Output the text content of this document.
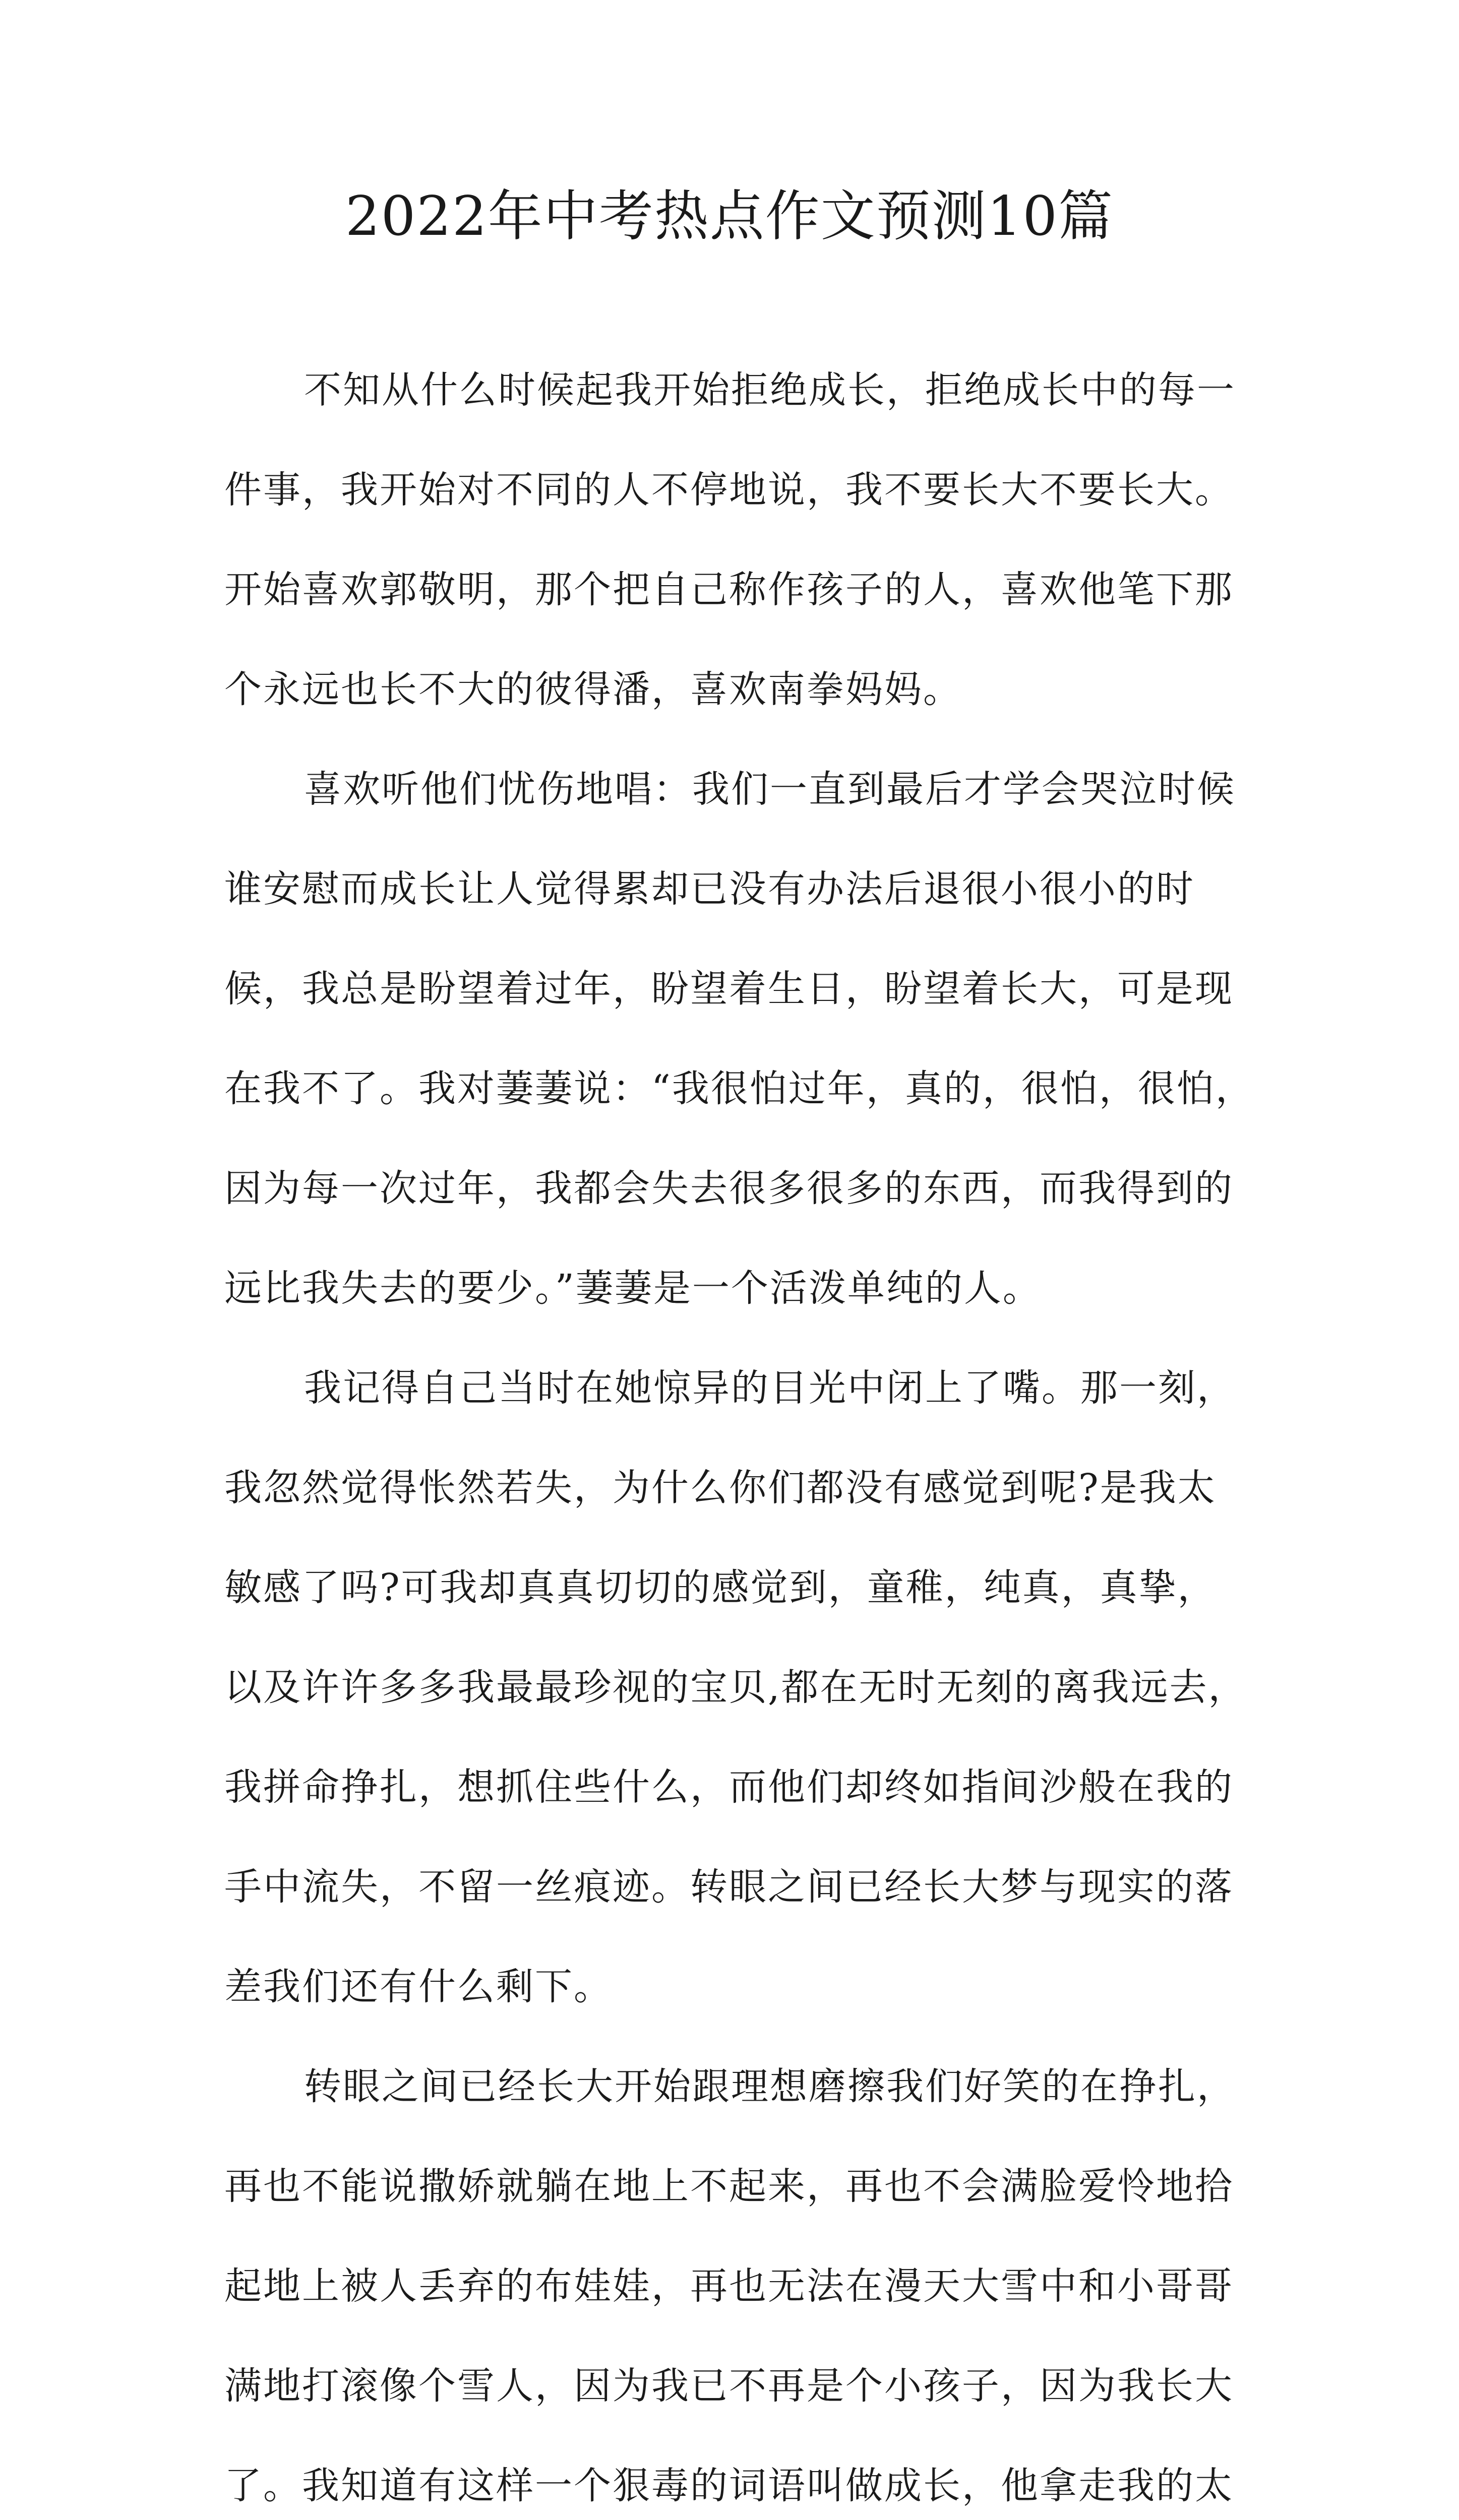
2022年中考热点作文预测10篇
不知从什么时候起我开始拒绝成长，拒绝成长中的每一
件事，我开始对不同的人不停地说，我不要长大不要长大。
开始喜欢郭敬明，那个把自己称作孩子的人，喜欢他笔下那
个永远也长不大的彼得潘，喜欢南拳妈妈。
喜欢听他们忧伤地唱：我们一直到最后才学会哭泣时候
谁安慰而成长让人觉得累却已没有办法后退很小很小的时
候，我总是盼望着过年，盼望着生日，盼望着长大，可是现
在我不了。我对萋萋说：“我很怕过年，真的，很怕，很怕，
因为每一次过年，我都会失去很多很多的东西，而我得到的
远比我失去的要少。”萋萋是一个活泼单纯的人。
我记得自己当时在她惊异的目光中闭上了嘴。那一刻，
我忽然觉得怅然若失，为什么你们都没有感觉到呢?是我太
敏感了吗?可我却真真切切的感觉到，童稚，纯真，真挚，
以及许许多多我最最珍视的宝贝,都在无时无刻的离我远去，
我拼命挣扎，想抓住些什么，而他们却终如指间沙般在我的
手中流失，不留一丝痕迹。转眼之间已经长大梦与现实的落
差我们还有什么剩下。
转眼之间已经长大开始跟理想磨擦我们好笑的在挣扎，
再也不能说撒娇就躺在地上不起来，再也不会满脸爱怜地拾
起地上被人丢弃的布娃娃，再也无法在漫天大雪中和小哥哥
满地打滚像个雪人，因为我已不再是个小孩子，因为我长大
了。我知道有这样一个狠毒的词语叫做成长，他拿走我的太
